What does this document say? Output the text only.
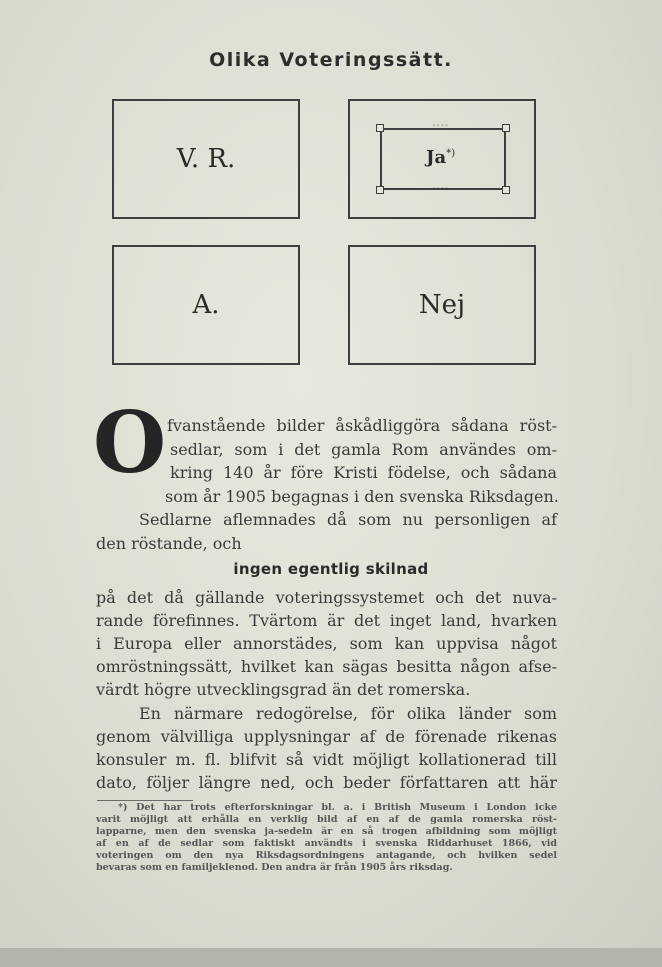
Olika Voteringssätt.
V. R.
◦◦◦◦
◦◦◦◦
Ja*)
A.	Nej
O fvanstående bilder åskådliggöra sådana röst-
sedlar, som i det gamla Rom användes om-
kring 140 år före Kristi födelse, och sådana
som år 1905 begagnas i den svenska Riksdagen.
Sedlarne aflemnades då som nu personligen af
den röstande, och
ingen egentlig skilnad
på det då gällande voteringssystemet och det nuva-
rande förefinnes. Tvärtom är det inget land, hvarken
i Europa eller annorstädes, som kan uppvisa något
omröstningssätt, hvilket kan sägas besitta någon afse-
värdt högre utvecklingsgrad än det romerska.
En närmare redogörelse, för olika länder som
genom välvilliga upplysningar af de förenade rikenas
konsuler m. fl. blifvit så vidt möjligt kollationerad till
dato, följer längre ned, och beder författaren att här
*) Det har trots efterforskningar bl. a. i British Museum i London icke
varit möjligt att erhålla en verklig bild af en af de gamla romerska röst-
lapparne, men den svenska ja-sedeln är en så trogen afbildning som möjligt
af en af de sedlar som faktiskt användts i svenska Riddarhuset 1866, vid
voteringen om den nya Riksdagsordningens antagande, och hvilken sedel
bevaras som en familjeklenod. Den andra är från 1905 års riksdag.
